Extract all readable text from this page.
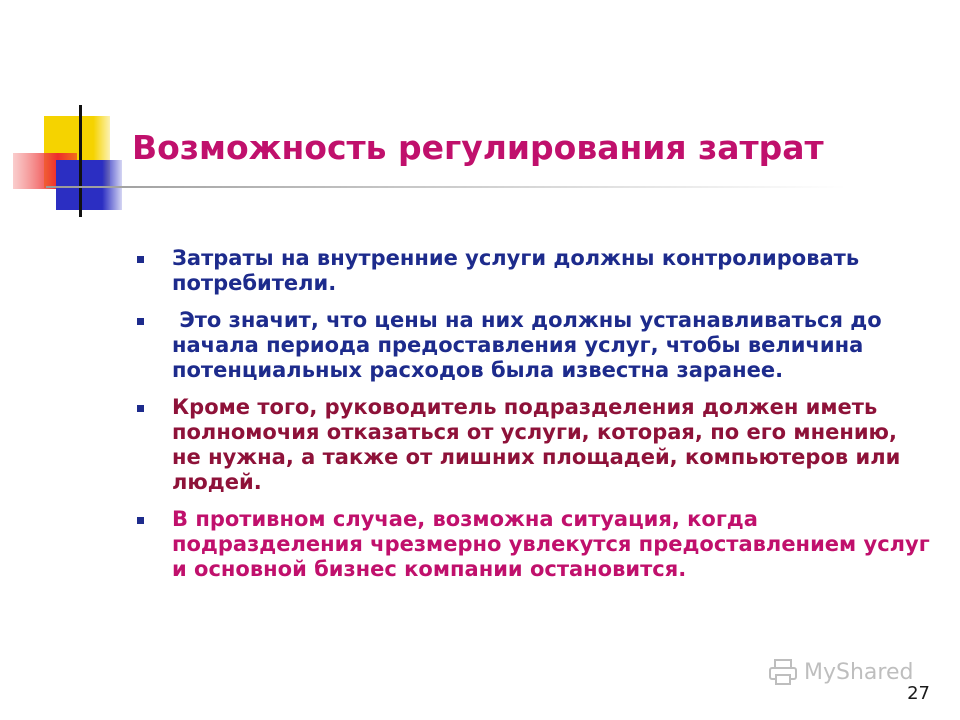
Возможность регулирования затрат
Затраты на внутренние услуги должны контролировать потребители.
Это значит, что цены на них должны устанавливаться до начала периода предоставления услуг, чтобы величина потенциальных расходов была известна заранее.
Кроме того, руководитель подразделения должен иметь полномочия отказаться от услуги, которая, по его мнению, не нужна, а также от лишних площадей, компьютеров или людей.
В противном случае, возможна ситуация, когда подразделения чрезмерно увлекутся предоставлением услуг и основной бизнес компании остановится.
MyShared
27
